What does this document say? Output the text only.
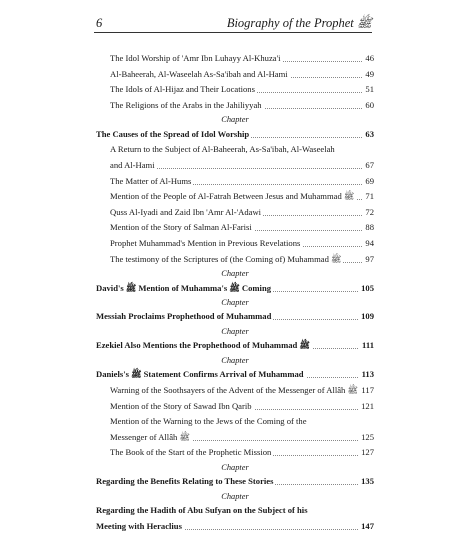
6	Biography of the Prophet ﷺ
The Idol Worship of 'Amr Ibn Luhayy Al-Khuza'i	46
Al-Baheerah, Al-Waseelah As-Sa'ibah and Al-Hami	49
The Idols of Al-Hijaz and Their Locations	51
The Religions of the Arabs in the Jahiliyyah	60
Chapter
The Causes of the Spread of Idol Worship	63
A Return to the Subject of Al-Baheerah, As-Sa'ibah, Al-Waseelah
and Al-Hami	67
The Matter of Al-Hums	69
Mention of the People of Al-Fatrah Between Jesus and Muhammad ﷺ	71
Quss Al-Iyadi and Zaid Ibn 'Amr Al-'Adawi	72
Mention of the Story of Salman Al-Farisi	88
Prophet Muhammad's Mention in Previous Revelations	94
The testimony of the Scriptures of (the Coming of) Muhammad ﷺ	97
Chapter
David's ﷺ Mention of Muhamma's ﷺ Coming	105
Chapter
Messiah Proclaims Prophethood of Muhammad	109
Chapter
Ezekiel Also Mentions the Prophethood of Muhammad ﷺ	111
Chapter
Daniels's ﷺ Statement Confirms Arrival of Muhammad	113
Warning of the Soothsayers of the Advent of the Messenger of Allâh ﷺ 117
Mention of the Story of Sawad Ibn Qarib	121
Mention of the Warning to the Jews of the Coming of the
Messenger of Allâh ﷺ	125
The Book of the Start of the Prophetic Mission	127
Chapter
Regarding the Benefits Relating to These Stories	135
Chapter
Regarding the Hadith of Abu Sufyan on the Subject of his
Meeting with Heraclius	147
